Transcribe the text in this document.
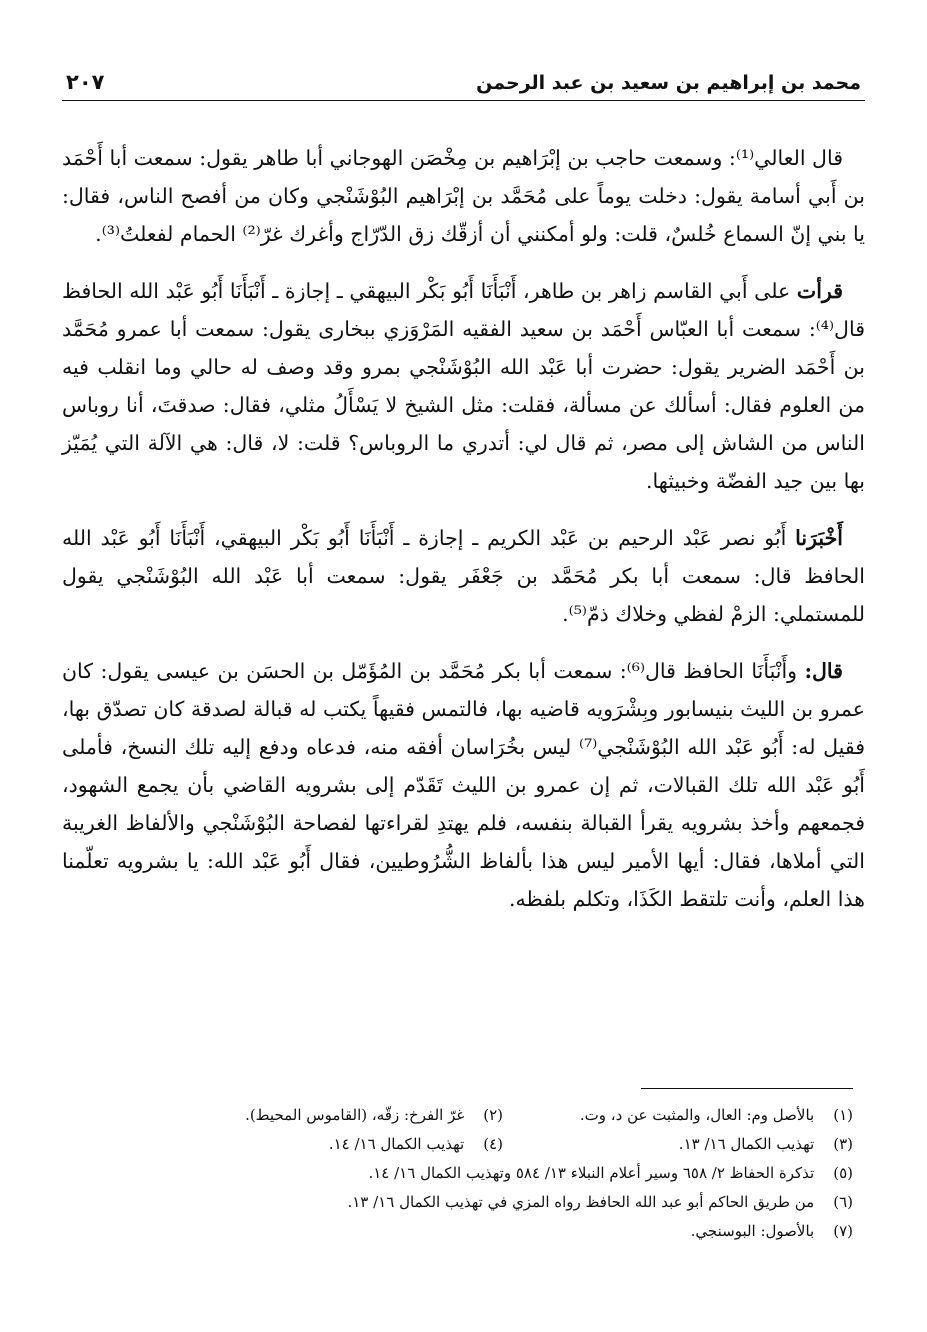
محمد بن إبراهيم بن سعيد بن عبد الرحمن
٢٠٧

قال العالي⁽¹⁾: وسمعت حاجب بن إبْرَاهيم بن مِخْصَن الهوجاني أبا طاهر يقول: سمعت أبا أَحْمَد بن أَبي أسامة يقول: دخلت يوماً على مُحَمَّد بن إبْرَاهيم البُوْشَنْجي وكان من أفصح الناس، فقال: يا بني إنّ السماع خُلسٌ، قلت: ولو أمكنني أن أزقّك زق الدّرّاج وأغرك غرّ⁽²⁾ الحمام لفعلتُ⁽³⁾.

قرأت على أَبي القاسم زاهر بن طاهر، أَنْبَأَنَا أَبُو بَكْر البيهقي ـ إجازة ـ أَنْبَأَنَا أَبُو عَبْد الله الحافظ قال⁽⁴⁾: سمعت أبا العبّاس أَحْمَد بن سعيد الفقيه المَرْوَزي ببخارى يقول: سمعت أبا عمرو مُحَمَّد بن أَحْمَد الضرير يقول: حضرت أبا عَبْد الله البُوْشَنْجي بمرو وقد وصف له حالي وما انقلب فيه من العلوم فقال: أسألك عن مسألة، فقلت: مثل الشيخ لا يَسْأَلُ مثلي، فقال: صدقتَ، أنا روباس الناس من الشاش إلى مصر، ثم قال لي: أتدري ما الروباس؟ قلت: لا، قال: هي الآلة التي يُمَيّز بها بين جيد الفضّة وخبيثها.

أَخْبَرَنا أَبُو نصر عَبْد الرحيم بن عَبْد الكريم ـ إجازة ـ أَنْبَأَنَا أَبُو بَكْر البيهقي، أَنْبَأَنَا أَبُو عَبْد الله الحافظ قال: سمعت أبا بكر مُحَمَّد بن جَعْفَر يقول: سمعت أبا عَبْد الله البُوْشَنْجي يقول للمستملي: الزمْ لفظي وخلاك ذمّ⁽⁵⁾.

قال: وأَنْبَأَنَا الحافظ قال⁽⁶⁾: سمعت أبا بكر مُحَمَّد بن المُؤَمّل بن الحسَن بن عيسى يقول: كان عمرو بن الليث بنيسابور وبِشْرَويه قاضيه بها، فالتمس فقيهاً يكتب له قبالة لصدقة كان تصدّق بها، فقيل له: أَبُو عَبْد الله البُوْشَنْجي⁽⁷⁾ ليس بخُرَاسان أفقه منه، فدعاه ودفع إليه تلك النسخ، فأملى أَبُو عَبْد الله تلك القبالات، ثم إن عمرو بن الليث تَقَدّم إلى بشرويه القاضي بأن يجمع الشهود، فجمعهم وأخذ بشرويه يقرأ القبالة بنفسه، فلم يهتدِ لقراءتها لفصاحة البُوْشَنْجي والألفاظ الغريبة التي أملاها، فقال: أيها الأمير ليس هذا بألفاظ الشُّرُوطيين، فقال أَبُو عَبْد الله: يا بشرويه تعلّمنا هذا العلم، وأنت تلتقط الكَذَا، وتكلم بلفظه.

(١) بالأصل وم: العال، والمثبت عن د، وت.
(٢) غرّ الفرخ: زقّه، (القاموس المحيط).
(٣) تهذيب الكمال ١٦/ ١٣.
(٤) تهذيب الكمال ١٦/ ١٤.
(٥) تذكرة الحفاظ ٢/ ٦٥٨ وسير أعلام النبلاء ١٣/ ٥٨٤ وتهذيب الكمال ١٦/ ١٤.
(٦) من طريق الحاكم أبو عبد الله الحافظ رواه المزي في تهذيب الكمال ١٦/ ١٣.
(٧) بالأصول: البوسنجي.
